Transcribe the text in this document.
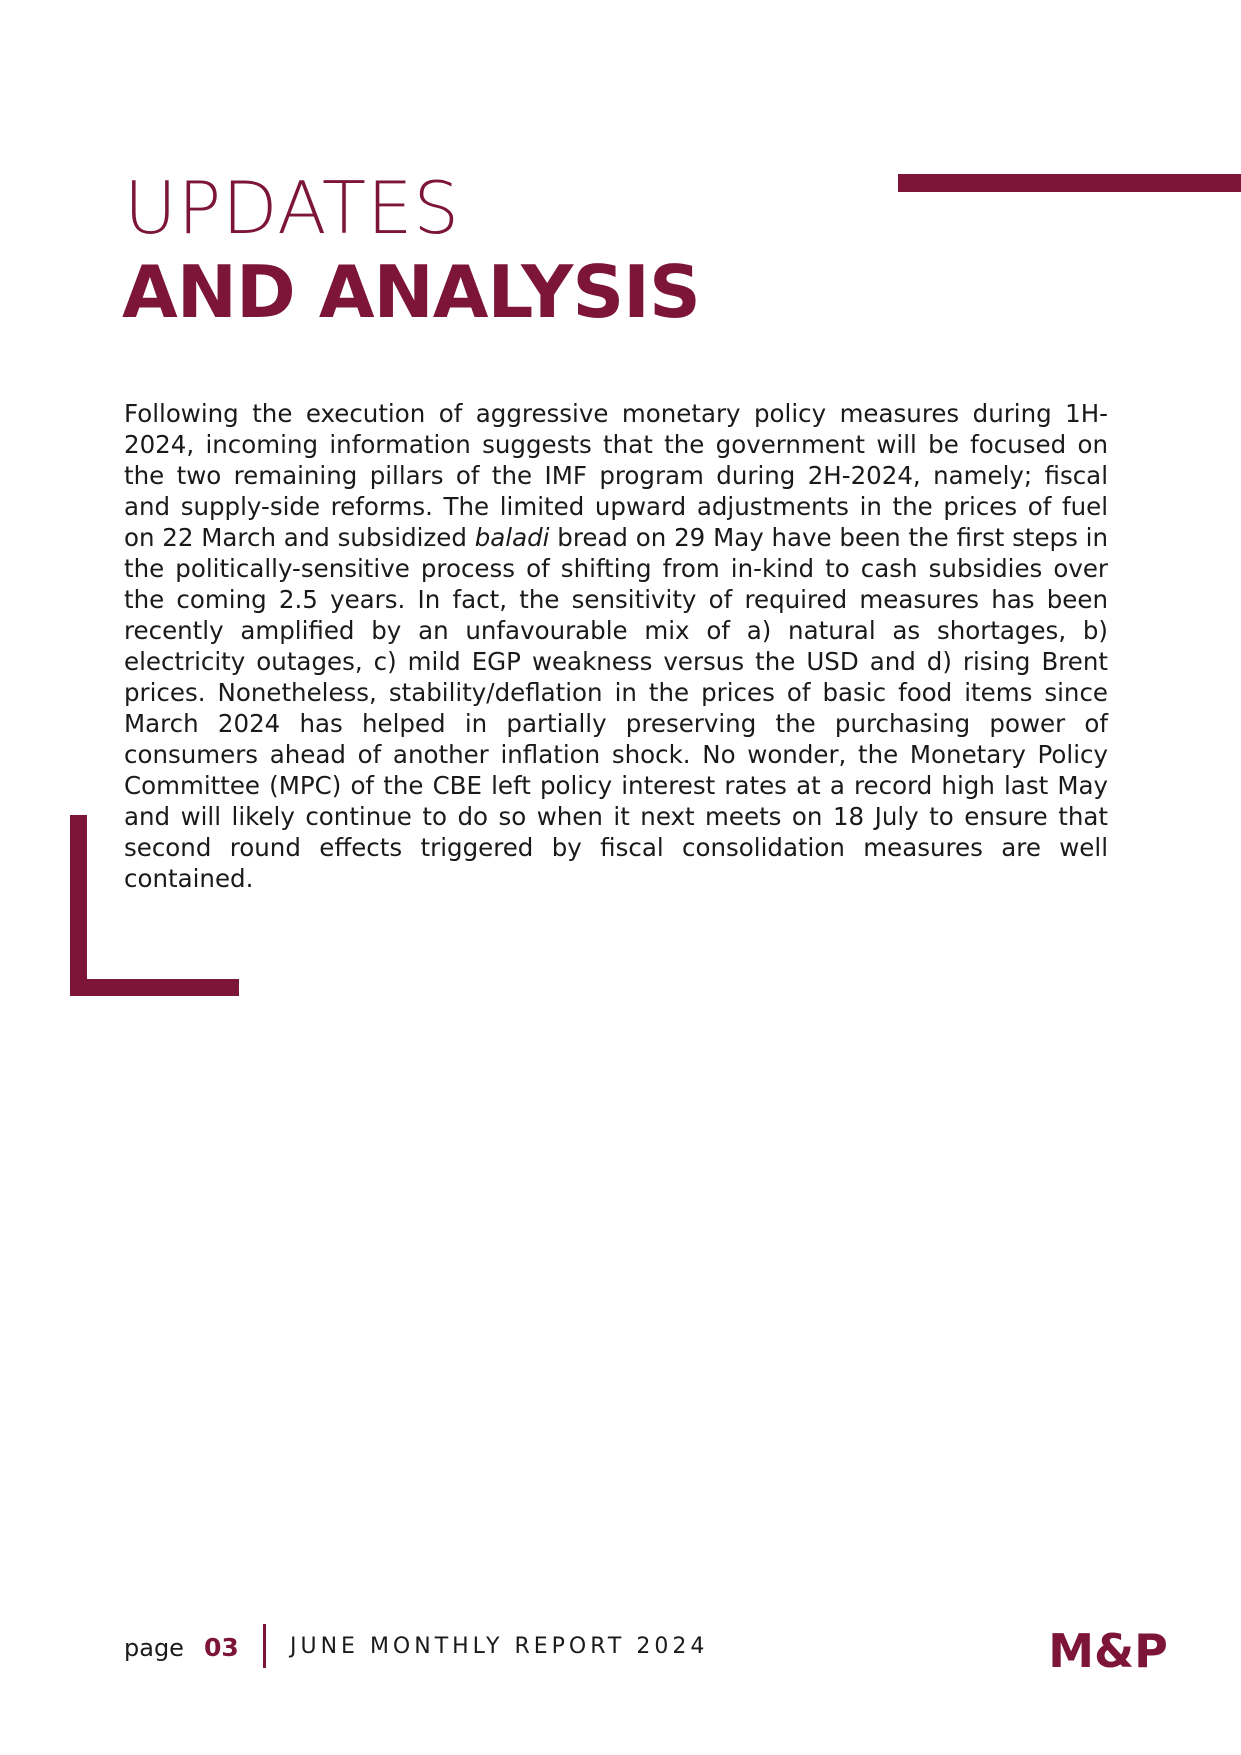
UPDATES
AND ANALYSIS

Following the execution of aggressive monetary policy measures during 1H-2024, incoming information suggests that the government will be focused on the two remaining pillars of the IMF program during 2H-2024, namely; fiscal and supply-side reforms. The limited upward adjustments in the prices of fuel on 22 March and subsidized baladi bread on 29 May have been the first steps in the politically-sensitive process of shifting from in-kind to cash subsidies over the coming 2.5 years. In fact, the sensitivity of required measures has been recently amplified by an unfavourable mix of a) natural as shortages, b) electricity outages, c) mild EGP weakness versus the USD and d) rising Brent prices. Nonetheless, stability/deflation in the prices of basic food items since March 2024 has helped in partially preserving the purchasing power of consumers ahead of another inflation shock. No wonder, the Monetary Policy Committee (MPC) of the CBE left policy interest rates at a record high last May and will likely continue to do so when it next meets on 18 July to ensure that second round effects triggered by fiscal consolidation measures are well contained.

page 03 JUNE MONTHLY REPORT 2024	M&P
